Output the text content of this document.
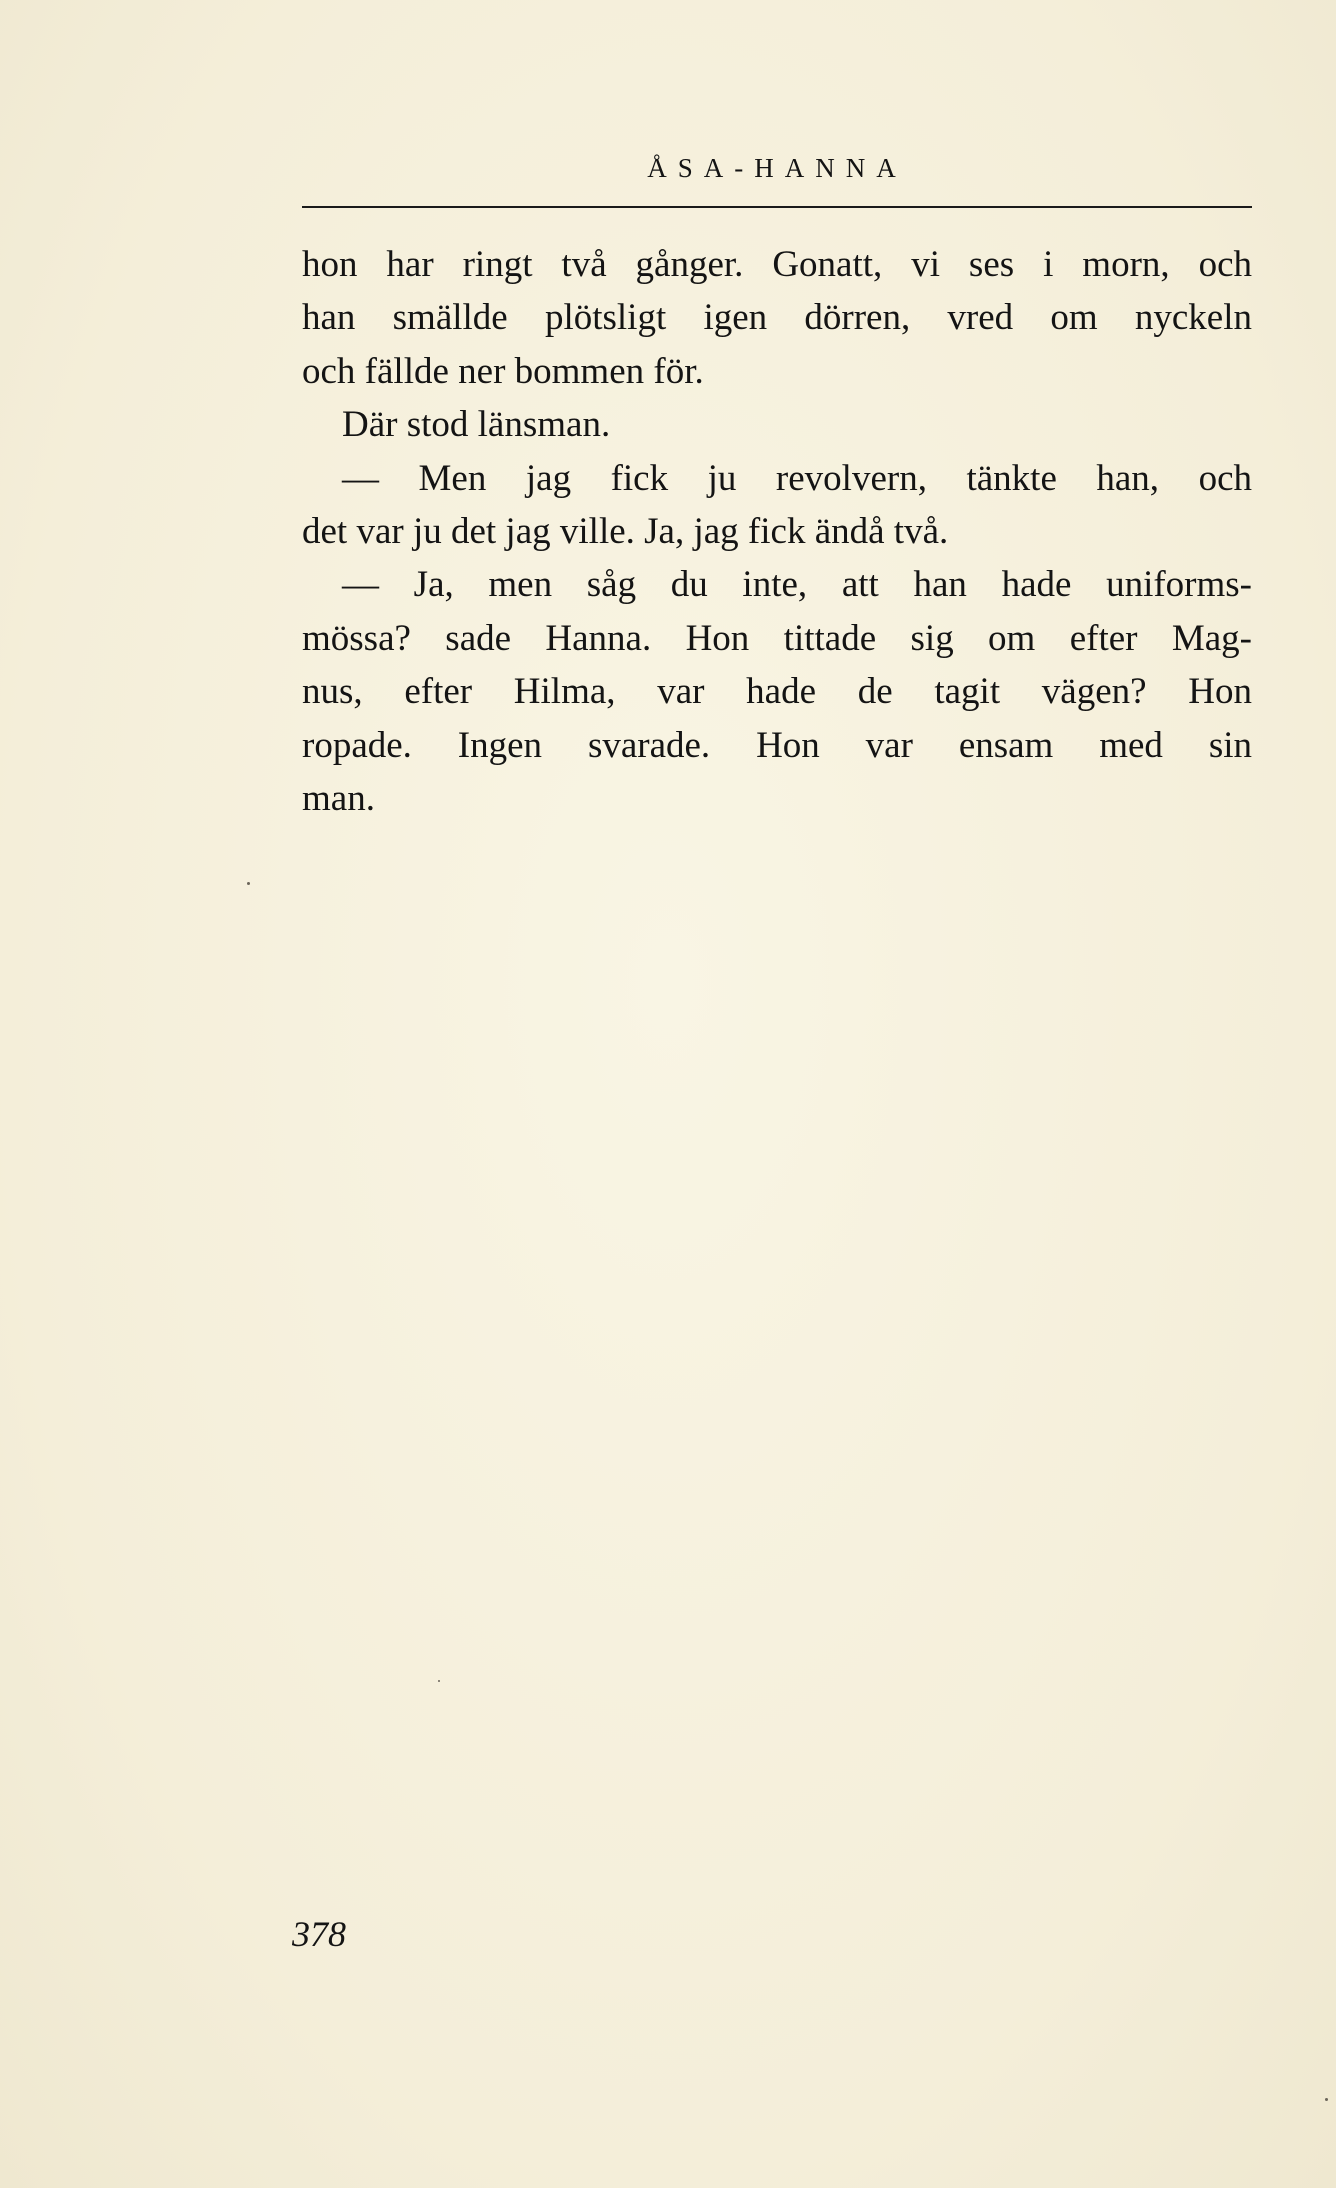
ÅSA-HANNA
hon har ringt två gånger. Gonatt, vi ses i morn, och
han smällde plötsligt igen dörren, vred om nyckeln
och fällde ner bommen för.
Där stod länsman.
— Men jag fick ju revolvern, tänkte han, och
det var ju det jag ville. Ja, jag fick ändå två.
— Ja, men såg du inte, att han hade uniforms-
mössa? sade Hanna. Hon tittade sig om efter Mag-
nus, efter Hilma, var hade de tagit vägen? Hon
ropade. Ingen svarade. Hon var ensam med sin
man.
378
